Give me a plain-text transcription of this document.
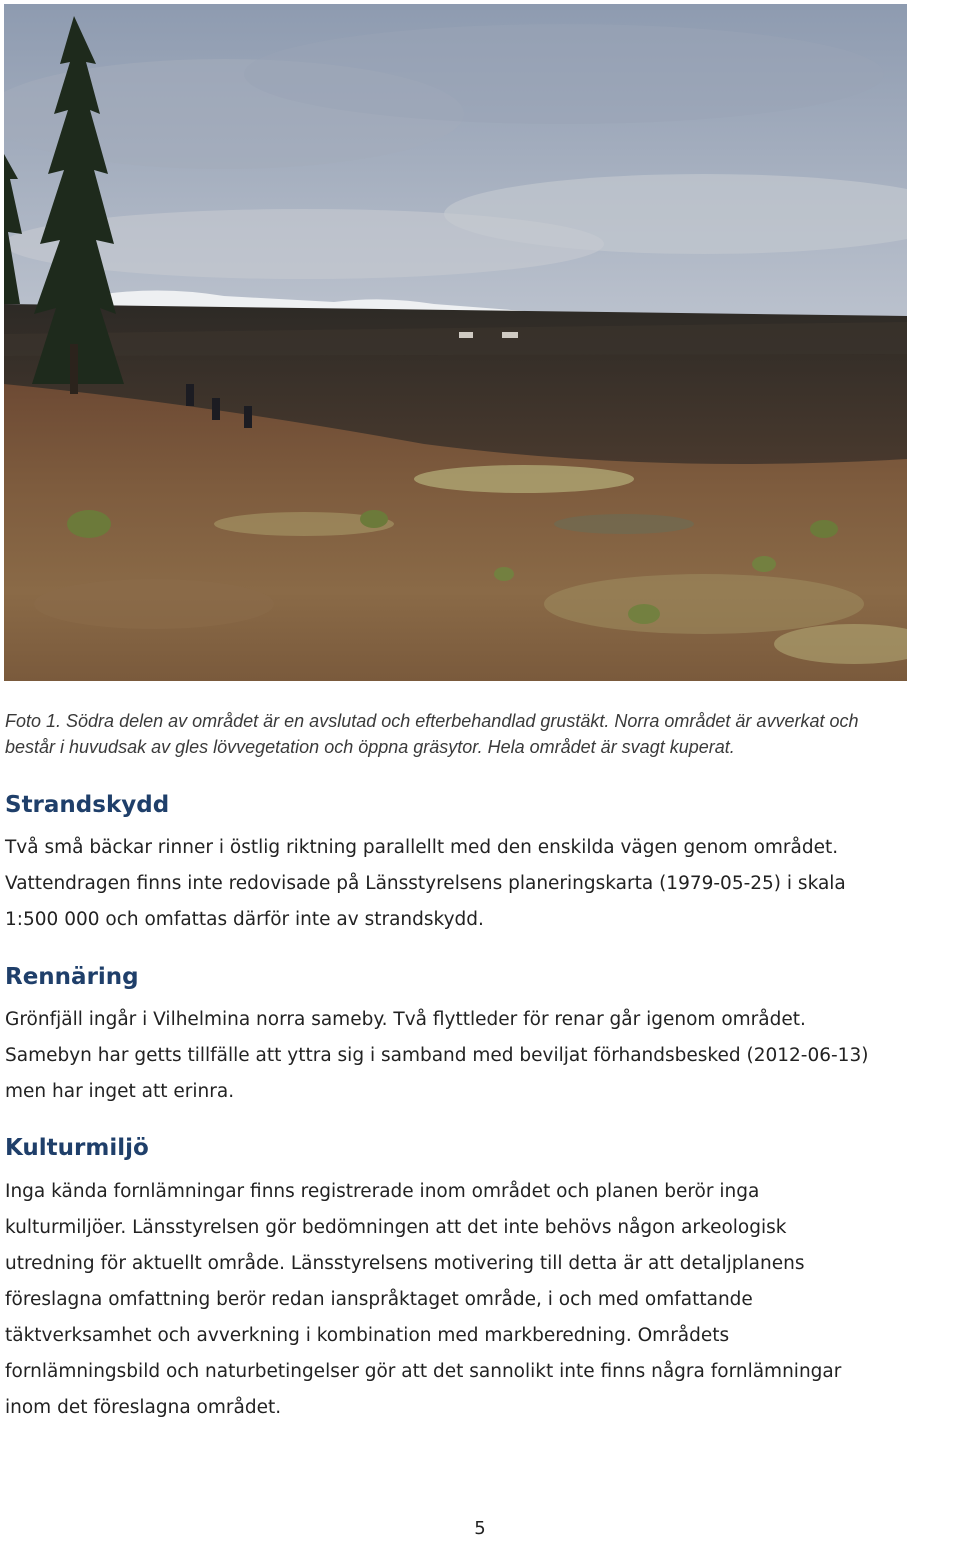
Foto 1. Södra delen av området är en avslutad och efterbehandlad grustäkt. Norra området är avverkat och
består i huvudsak av gles lövvegetation och öppna gräsytor. Hela området är svagt kuperat.
Strandskydd
Två små bäckar rinner i östlig riktning parallellt med den enskilda vägen genom området.
Vattendragen finns inte redovisade på Länsstyrelsens planeringskarta (1979-05-25) i skala
1:500 000 och omfattas därför inte av strandskydd.
Rennäring
Grönfjäll ingår i Vilhelmina norra sameby. Två flyttleder för renar går igenom området.
Samebyn har getts tillfälle att yttra sig i samband med beviljat förhandsbesked (2012-06-13)
men har inget att erinra.
Kulturmiljö
Inga kända fornlämningar finns registrerade inom området och planen berör inga
kulturmiljöer. Länsstyrelsen gör bedömningen att det inte behövs någon arkeologisk
utredning för aktuellt område. Länsstyrelsens motivering till detta är att detaljplanens
föreslagna omfattning berör redan ianspråktaget område, i och med omfattande
täktverksamhet och avverkning i kombination med markberedning. Områdets
fornlämningsbild och naturbetingelser gör att det sannolikt inte finns några fornlämningar
inom det föreslagna området.
5
